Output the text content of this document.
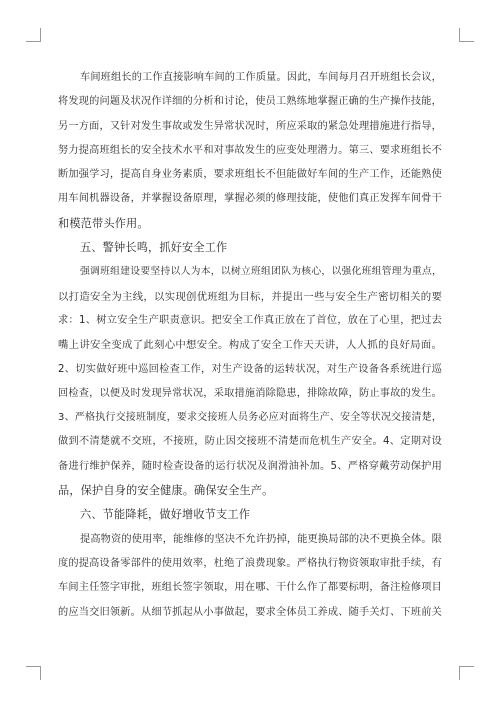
车间班组长的工作直接影响车间的工作质量。因此，车间每月召开班组长会议，
将发现的问题及状况作详细的分析和讨论，使员工熟练地掌握正确的生产操作技能，
另一方面，又针对发生事故或发生异常状况时，所应采取的紧急处理措施进行指导，
努力提高班组长的安全技术水平和对事故发生的应变处理潜力。第三、要求班组长不
断加强学习，提高自身业务素质，要求班组长不但能做好车间的生产工作，还能熟使
用车间机器设备，并掌握设备原理，掌握必须的修理技能，使他们真正发挥车间骨干
和模范带头作用。
五、警钟长鸣，抓好安全工作
强调班组建设要坚持以人为本，以树立班组团队为核心，以强化班组管理为重点，
以打造安全为主线，以实现创优班组为目标，并提出一些与安全生产密切相关的要
求：1、树立安全生产职责意识。把安全工作真正放在了首位，放在了心里，把过去
嘴上讲安全变成了此刻心中想安全。构成了安全工作天天讲，人人抓的良好局面。
2、切实做好班中巡回检查工作，对生产设备的运转状况，对生产设备各系统进行巡
回检查，以便及时发现异常状况，采取措施消除隐患，排除故障，防止事故的发生。
3、严格执行交接班制度，要求交接班人员务必应对面将生产、安全等状况交接清楚，
做到不清楚就不交班，不接班，防止因交接班不清楚而危机生产安全。4、定期对设
备进行维护保养，随时检查设备的运行状况及润滑油补加。5、严格穿戴劳动保护用
品，保护自身的安全健康。确保安全生产。
六、节能降耗，做好增收节支工作
提高物资的使用率，能维修的坚决不允许扔掉，能更换局部的决不更换全体。限
度的提高设备零部件的使用效率，杜绝了浪费现象。严格执行物资领取审批手续，有
车间主任签字审批，班组长签字领取，用在哪、干什么作了都要标明，备注检修项目
的应当交旧领新。从细节抓起从小事做起，要求全体员工养成、随手关灯、下班前关
